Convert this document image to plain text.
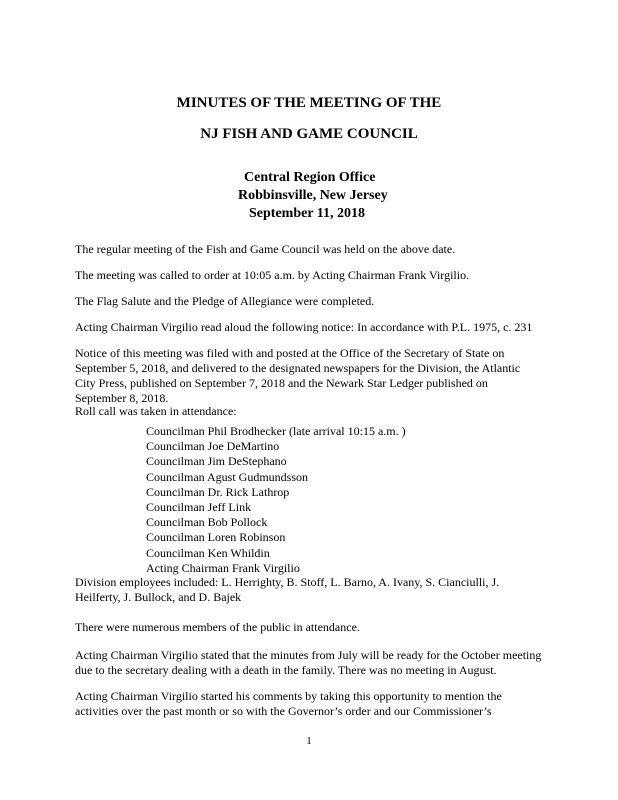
MINUTES OF THE MEETING OF THE
NJ FISH AND GAME COUNCIL
Central Region Office
Robbinsville, New Jersey
September 11, 2018
The regular meeting of the Fish and Game Council was held on the above date.
The meeting was called to order at 10:05 a.m. by Acting Chairman Frank Virgilio.
The Flag Salute and the Pledge of Allegiance were completed.
Acting Chairman Virgilio read aloud the following notice: In accordance with P.L. 1975, c. 231
Notice of this meeting was filed with and posted at the Office of the Secretary of State on
September 5, 2018, and delivered to the designated newspapers for the Division, the Atlantic
City Press, published on September 7, 2018 and the Newark Star Ledger published on
September 8, 2018.
Roll call was taken in attendance:
Councilman Phil Brodhecker (late arrival 10:15 a.m. )
Councilman Joe DeMartino
Councilman Jim DeStephano
Councilman Agust Gudmundsson
Councilman Dr. Rick Lathrop
Councilman Jeff Link
Councilman Bob Pollock
Councilman Loren Robinson
Councilman Ken Whildin
Acting Chairman Frank Virgilio
Division employees included: L. Herrighty, B. Stoff, L. Barno, A. Ivany, S. Cianciulli, J.
Heilferty, J. Bullock, and D. Bajek
There were numerous members of the public in attendance.
Acting Chairman Virgilio stated that the minutes from July will be ready for the October meeting
due to the secretary dealing with a death in the family. There was no meeting in August.
Acting Chairman Virgilio started his comments by taking this opportunity to mention the
activities over the past month or so with the Governor’s order and our Commissioner’s
1
